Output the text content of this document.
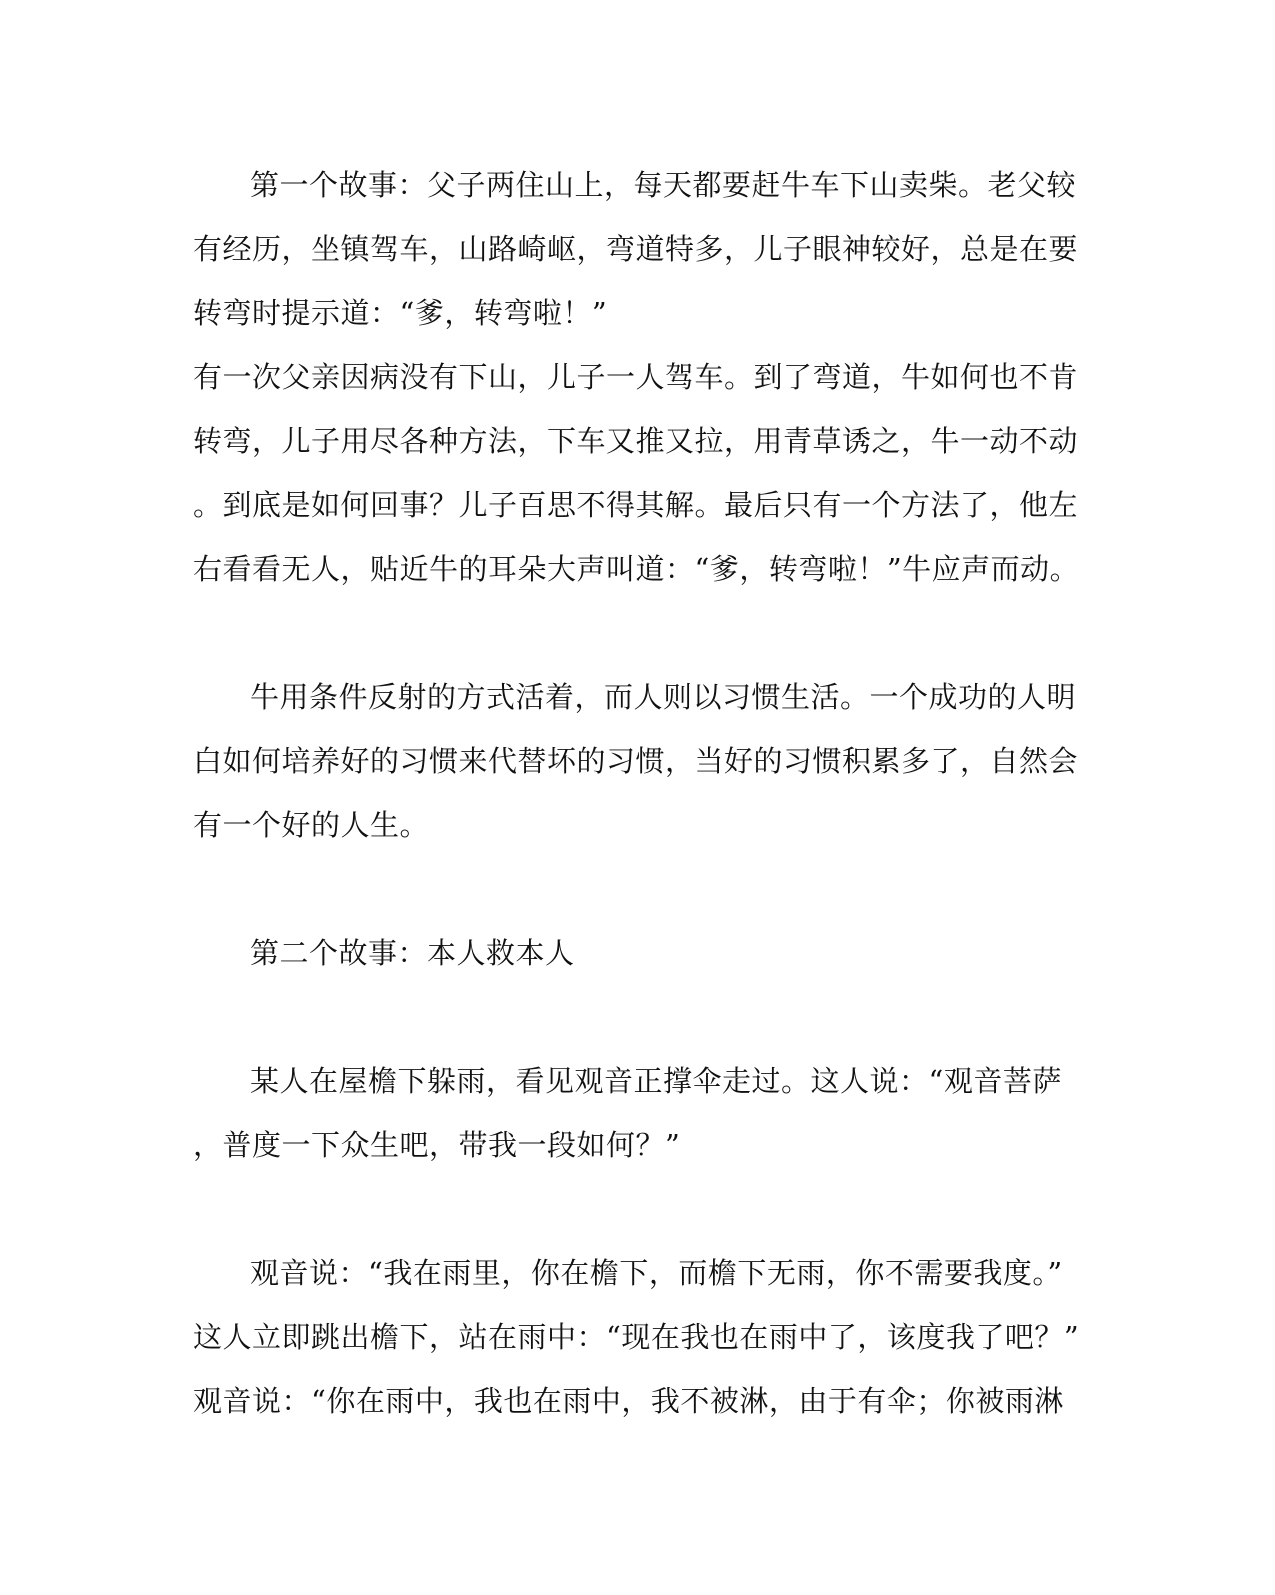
第一个故事：父子两住山上，每天都要赶牛车下山卖柴。老父较
有经历，坐镇驾车，山路崎岖，弯道特多，儿子眼神较好，总是在要
转弯时提示道：“爹，转弯啦！”
有一次父亲因病没有下山，儿子一人驾车。到了弯道，牛如何也不肯
转弯，儿子用尽各种方法，下车又推又拉，用青草诱之，牛一动不动
。到底是如何回事？儿子百思不得其解。最后只有一个方法了，他左
右看看无人，贴近牛的耳朵大声叫道：“爹，转弯啦！”牛应声而动。
牛用条件反射的方式活着，而人则以习惯生活。一个成功的人明
白如何培养好的习惯来代替坏的习惯，当好的习惯积累多了，自然会
有一个好的人生。
第二个故事：本人救本人
某人在屋檐下躲雨，看见观音正撑伞走过。这人说：“观音菩萨
，普度一下众生吧，带我一段如何？”
观音说：“我在雨里，你在檐下，而檐下无雨，你不需要我度。”
这人立即跳出檐下，站在雨中：“现在我也在雨中了，该度我了吧？”
观音说：“你在雨中，我也在雨中，我不被淋，由于有伞；你被雨淋
